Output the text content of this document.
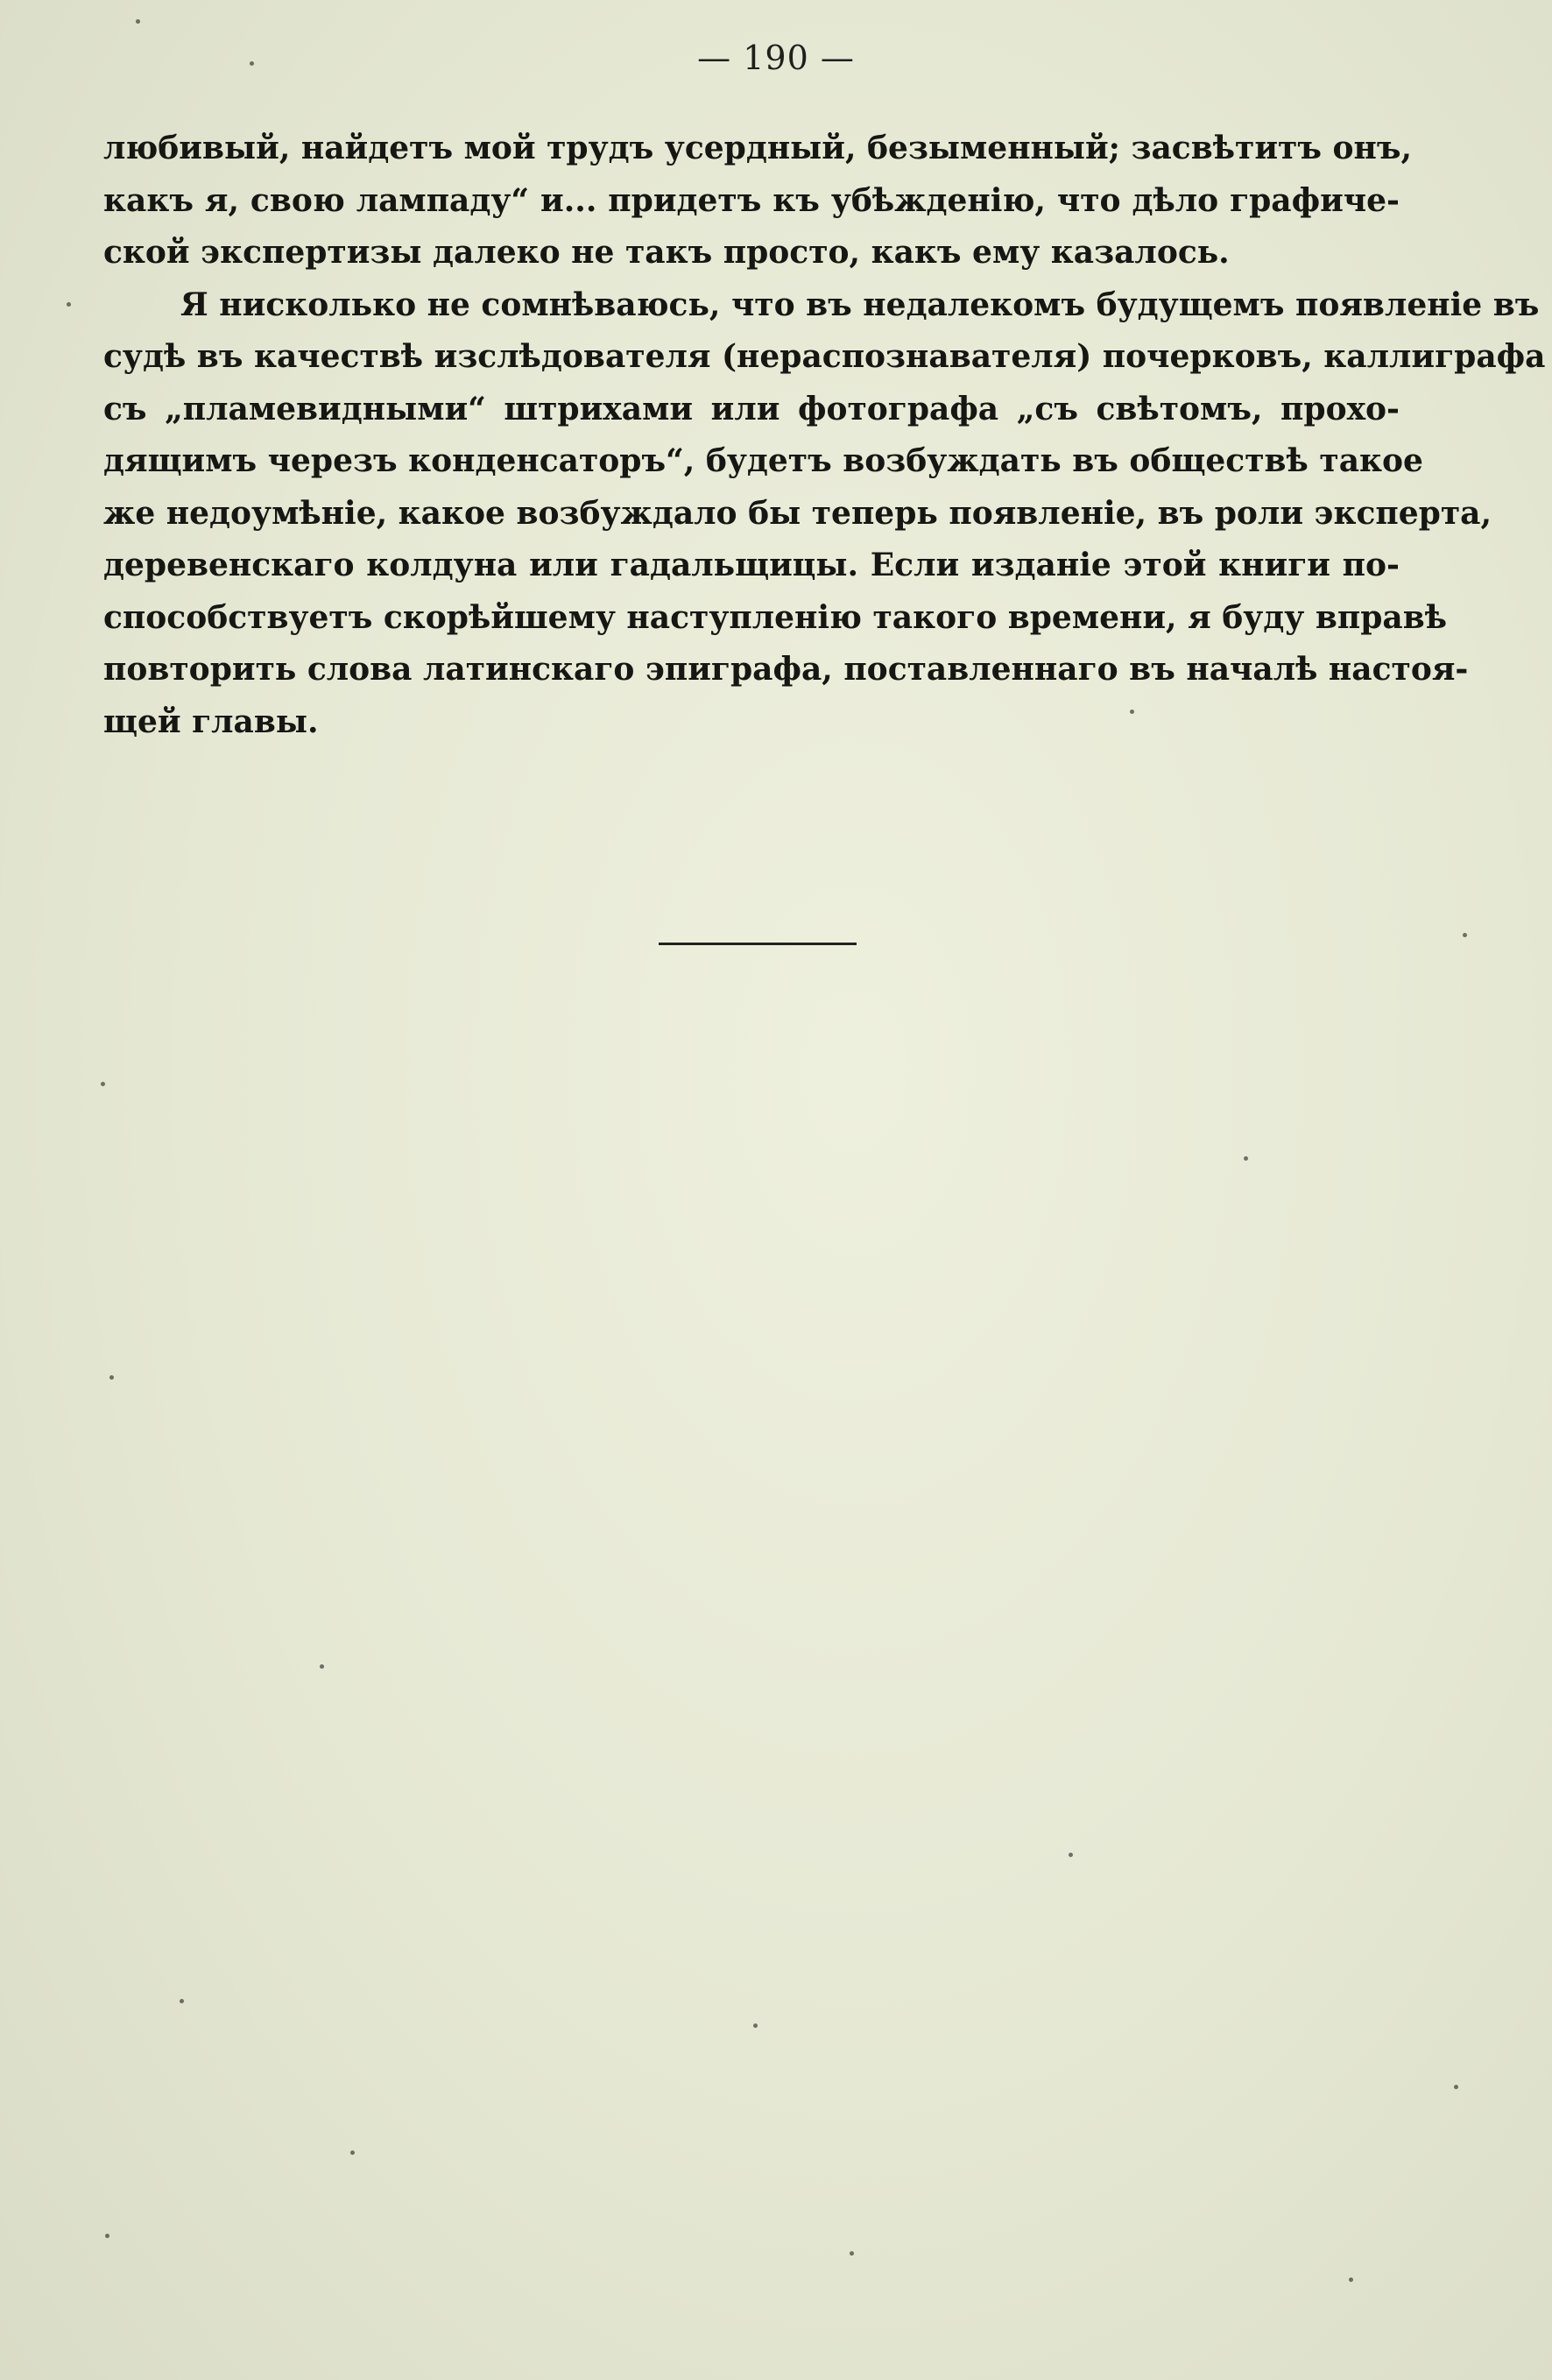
— 190 —

любивый, найдетъ мой трудъ усердный, безыменный; засвѣтитъ онъ,
какъ я, свою лампаду“ и... придетъ къ убѣжденію, что дѣло графиче-
ской экспертизы далеко не такъ просто, какъ ему казалось.

Я нисколько не сомнѣваюсь, что въ недалекомъ будущемъ появленіе въ
судѣ въ качествѣ изслѣдователя (нераспознавателя) почерковъ, каллиграфа
съ „пламевидными“ штрихами или фотографа „съ свѣтомъ, прохо-
дящимъ черезъ конденсаторъ“, будетъ возбуждать въ обществѣ такое
же недоумѣніе, какое возбуждало бы теперь появленіе, въ роли эксперта,
деревенскаго колдуна или гадальщицы. Если изданіе этой книги по-
способствуетъ скорѣйшему наступленію такого времени, я буду вправѣ
повторить слова латинскаго эпиграфа, поставленнаго въ началѣ настоя-
щей главы.
